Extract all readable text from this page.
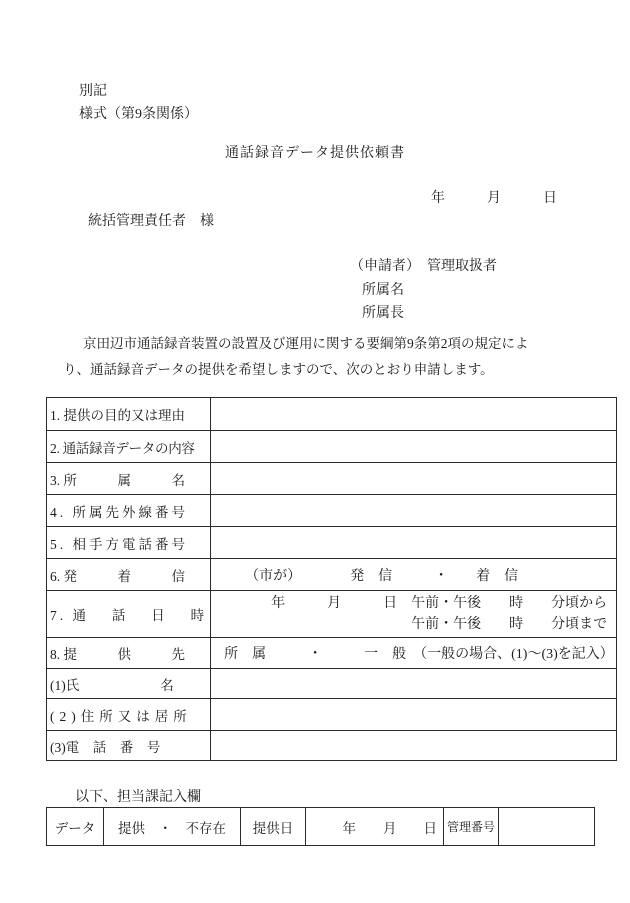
別記
様式（第9条関係）
通話録音データ提供依頼書
年　　　月　　　日
統括管理責任者　様
（申請者）　管理取扱者
所属名
所属長
京田辺市通話録音装置の設置及び運用に関する要綱第9条第2項の規定によ
り、通話録音データの提供を希望しますので、次のとおり申請します。
1. 提供の目的又は理由	
2. 通話録音データの内容	
3. 所　　　属　　　名	
4. 所属先外線番号	
5. 相手方電話番号	
6. 発　　　着　　　信	（市が）　　　　発　信　　　・　　着　信

7. 通　 話　 日　 時	年　　　月　　　日　午前・午後　　時　　分頃から
午前・午後　　時　　分頃まで

8. 提　　　供　　　先	所　属　　　・　　　一　般　（一般の場合、(1)～(3)を記入）

(1)氏　　　　　　名	
(2)住所又は居所	
(3)電　話　番　号	
以下、担当課記入欄
データ	提供　・　不存在	提供日	年　　月　　日	管理番号	
